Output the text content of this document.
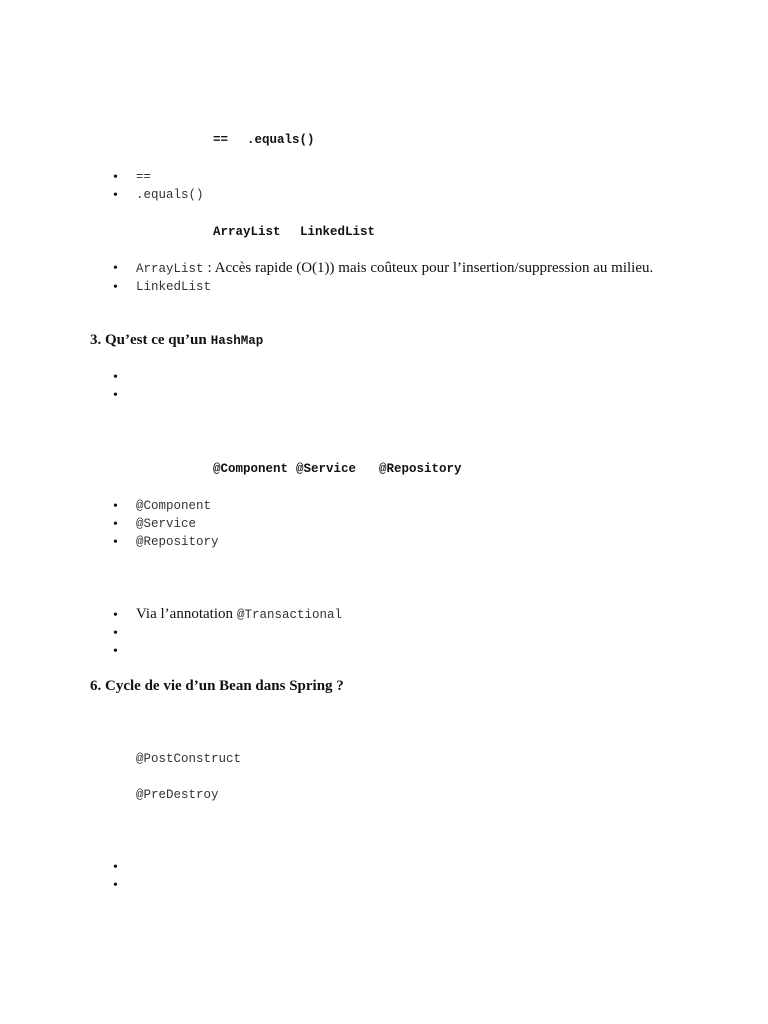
== .equals()
• ==
• .equals()
ArrayList LinkedList
• ArrayList : Accès rapide (O(1)) mais coûteux pour l’insertion/suppression au milieu.
• LinkedList
3. Qu’est ce qu’un HashMap
•
•
@Component @Service @Repository
• @Component
• @Service
• @Repository
• Via l’annotation @Transactional
•
•
6. Cycle de vie d’un Bean dans Spring ?
@PostConstruct
@PreDestroy
•
•
